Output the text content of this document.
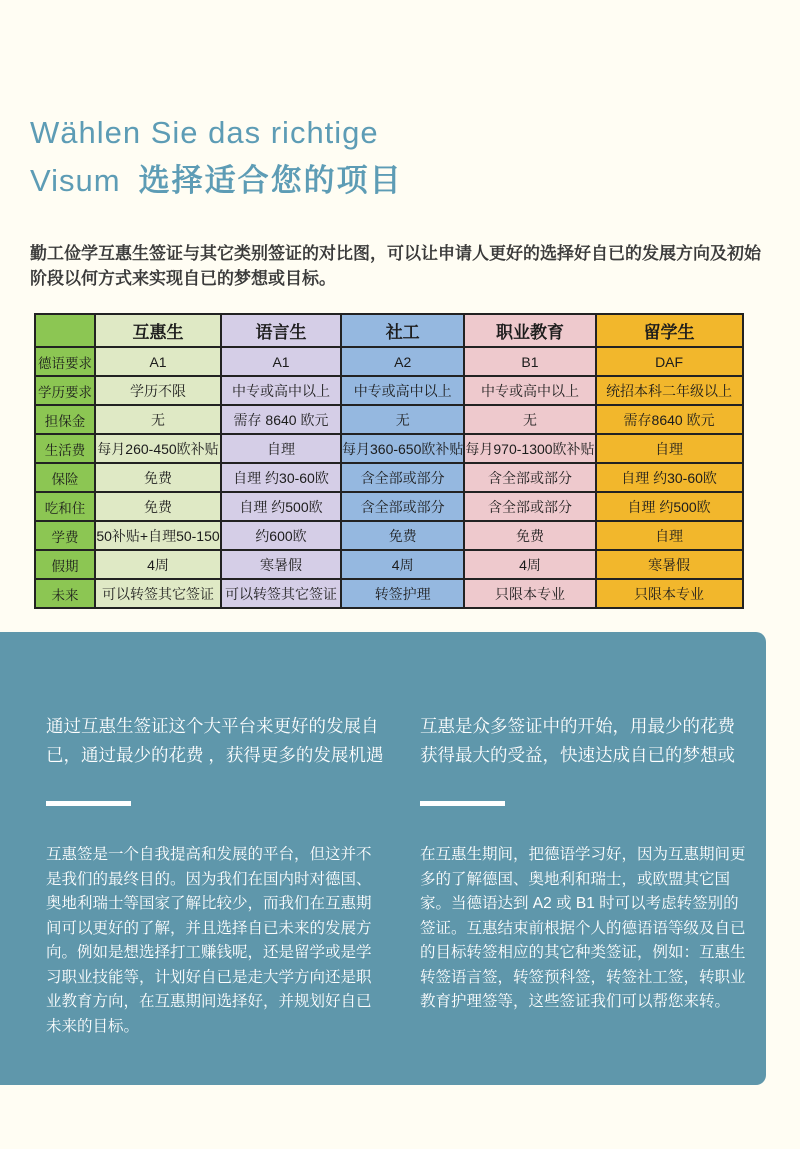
Wählen Sie das richtige
Visum 选择适合您的项目

勤工俭学互惠生签证与其它类别签证的对比图，可以让申请人更好的选择好自已的发展方向及初始阶段以何方式来实现自已的梦想或目标。

	互惠生	语言生	社工	职业教育	留学生
德语要求	A1	A1	A2	B1	DAF
学历要求	学历不限	中专或高中以上	中专或高中以上	中专或高中以上	统招本科二年级以上
担保金	无	需存 8640 欧元	无	无	需存8640 欧元
生活费	每月260-450欧补贴	自理	每月360-650欧补贴	每月970-1300欧补贴	自理
保险	免费	自理 约30-60欧	含全部或部分	含全部或部分	自理 约30-60欧
吃和住	免费	自理 约500欧	含全部或部分	含全部或部分	自理 约500欧
学费	50补贴+自理50-150	约600欧	免费	免费	自理
假期	4周	寒暑假	4周	4周	寒暑假
未来	可以转签其它签证	可以转签其它签证	转签护理	只限本专业	只限本专业
通过互惠生签证这个大平台来更好的发展自已，通过最少的花费 ，获得更多的发展机遇
互惠签是一个自我提高和发展的平台，但这并不是我们的最终目的。因为我们在国内时对德国、奥地利瑞士等国家了解比较少，而我们在互惠期间可以更好的了解，并且选择自已未来的发展方向。例如是想选择打工赚钱呢，还是留学或是学习职业技能等，计划好自已是走大学方向还是职业教育方向，在互惠期间选择好，并规划好自已未来的目标。
互惠是众多签证中的开始，用最少的花费获得最大的受益，快速达成自已的梦想或
在互惠生期间，把德语学习好，因为互惠期间更多的了解德国、奥地利和瑞士，或欧盟其它国家。当德语达到 A2 或 B1 时可以考虑转签别的签证。互惠结束前根据个人的德语语等级及自已的目标转签相应的其它种类签证，例如：互惠生转签语言签，转签预科签，转签社工签，转职业教育护理签等，这些签证我们可以帮您来转。
